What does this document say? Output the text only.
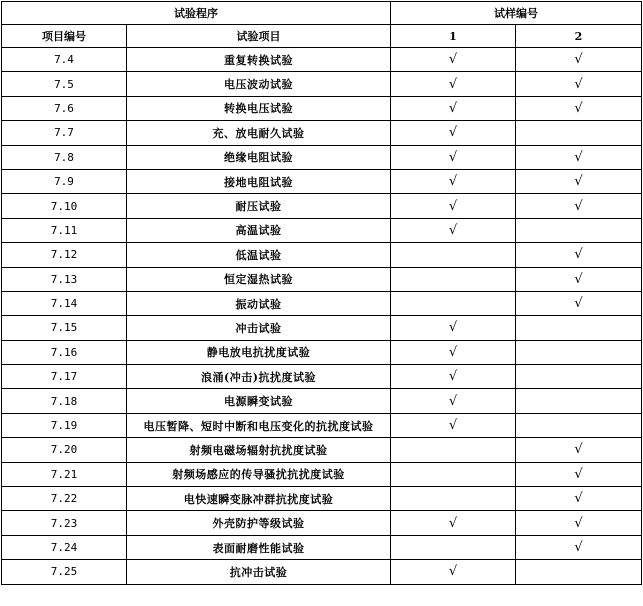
试验程序		试样编号	
项目编号	试验项目	1	2
7.4	重复转换试验	√	√
7.5	电压波动试验	√	√
7.6	转换电压试验	√	√
7.7	充、放电耐久试验	√	
7.8	绝缘电阻试验	√	√
7.9	接地电阻试验	√	√
7.10	耐压试验	√	√
7.11	高温试验	√	
7.12	低温试验		√
7.13	恒定湿热试验		√
7.14	振动试验		√
7.15	冲击试验	√	
7.16	静电放电抗扰度试验	√	
7.17	浪涌(冲击)抗扰度试验	√	
7.18	电源瞬变试验	√	
7.19	电压暂降、短时中断和电压变化的抗扰度试验	√	
7.20	射频电磁场辐射抗扰度试验		√
7.21	射频场感应的传导骚扰抗扰度试验		√
7.22	电快速瞬变脉冲群抗扰度试验		√
7.23	外壳防护等级试验	√	√
7.24	表面耐磨性能试验		√
7.25	抗冲击试验	√	
